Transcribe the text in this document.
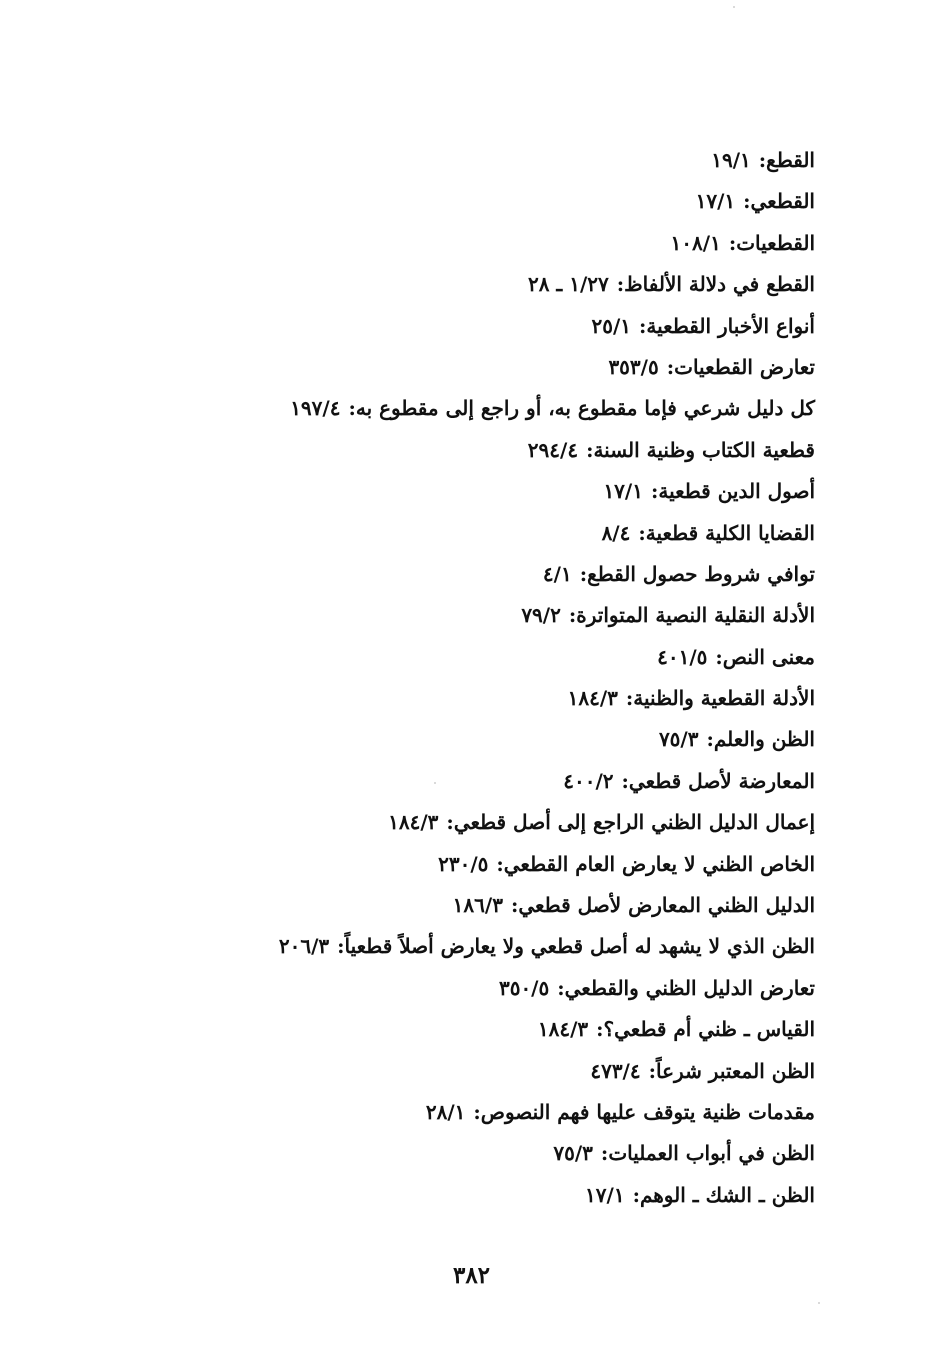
القطع:١٩/١
القطعي:١٧/١
القطعيات:١٠٨/١
القطع في دلالة الألفاظ:١/٢٧ ـ ٢٨
أنواع الأخبار القطعية:٢٥/١
تعارض القطعيات:٣٥٣/٥
كل دليل شرعي فإما مقطوع به، أو راجع إلى مقطوع به:١٩٧/٤
قطعية الكتاب وظنية السنة:٢٩٤/٤
أصول الدين قطعية:١٧/١
القضايا الكلية قطعية:٨/٤
توافي شروط حصول القطع:٤/١
الأدلة النقلية النصية المتواترة:٧٩/٢
معنى النص:٤٠١/٥
الأدلة القطعية والظنية:١٨٤/٣
الظن والعلم:٧٥/٣
المعارضة لأصل قطعي:٤٠٠/٢
إعمال الدليل الظني الراجع إلى أصل قطعي:١٨٤/٣
الخاص الظني لا يعارض العام القطعي:٢٣٠/٥
الدليل الظني المعارض لأصل قطعي:١٨٦/٣
الظن الذي لا يشهد له أصل قطعي ولا يعارض أصلاً قطعياً:٢٠٦/٣
تعارض الدليل الظني والقطعي:٣٥٠/٥
القياس ـ ظني أم قطعي؟:١٨٤/٣
الظن المعتبر شرعاً:٤٧٣/٤
مقدمات ظنية يتوقف عليها فهم النصوص:٢٨/١
الظن في أبواب العمليات:٧٥/٣
الظن ـ الشك ـ الوهم:١٧/١
٣٨٢
